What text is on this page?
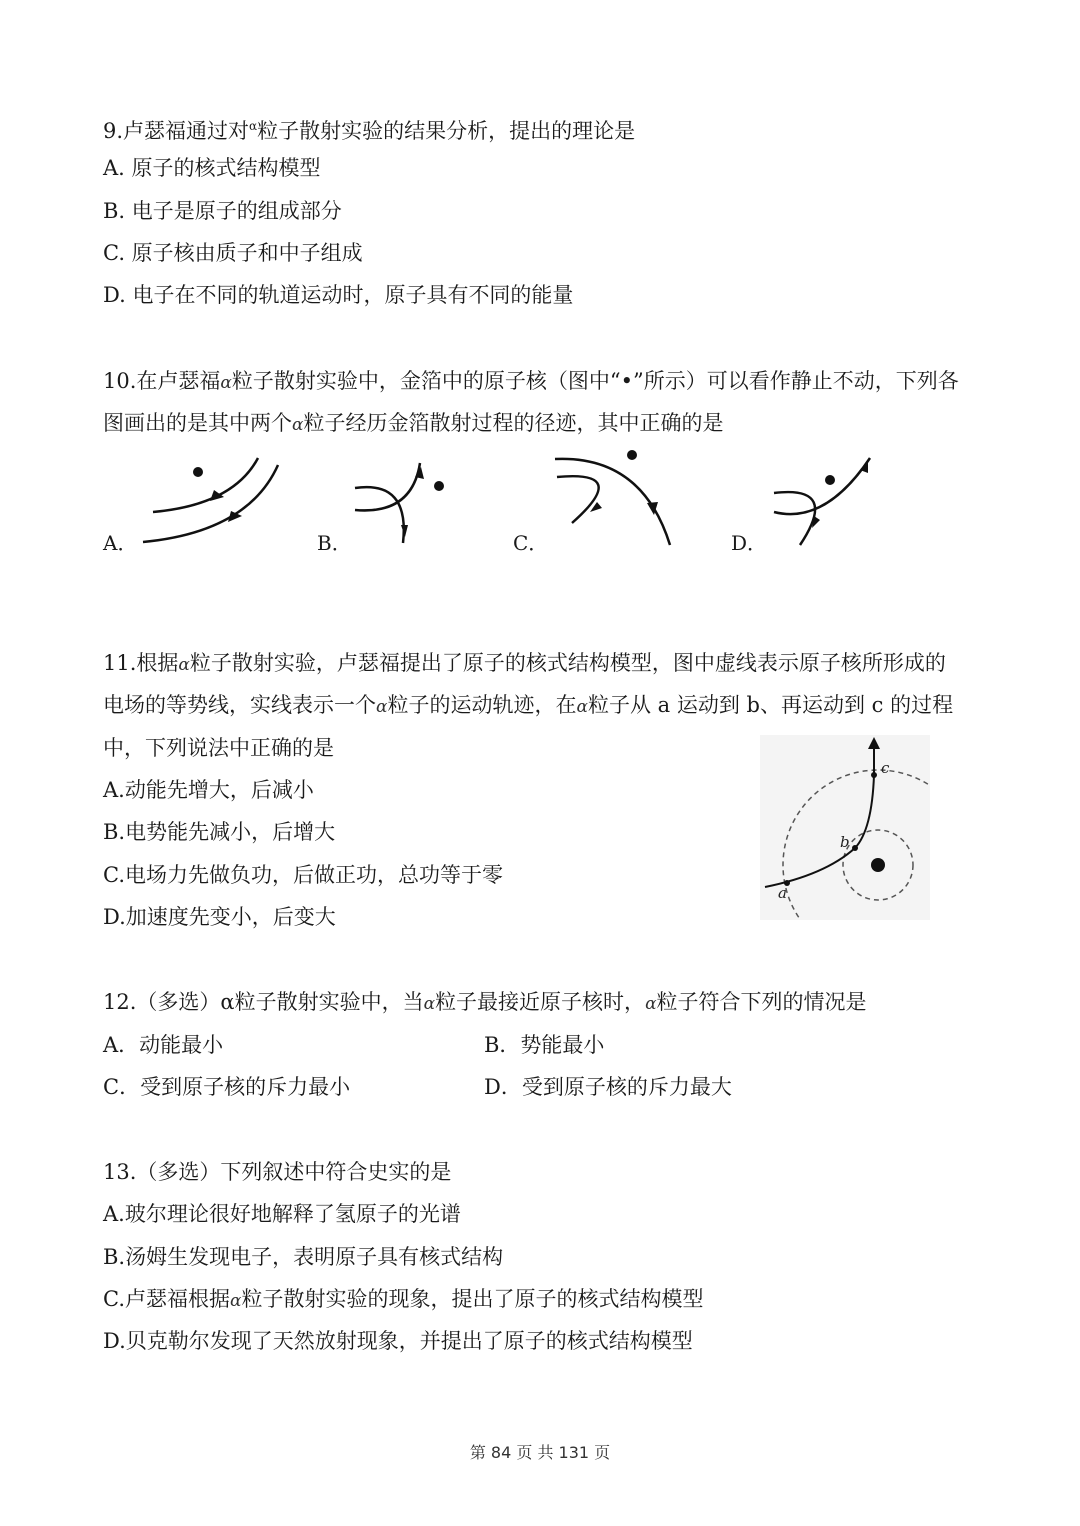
9.卢瑟福通过对$^\alpha$粒子散射实验的结果分析，提出的理论是
A. 原子的核式结构模型
B. 电子是原子的组成部分
C. 原子核由质子和中子组成
D. 电子在不同的轨道运动时，原子具有不同的能量
10.在卢瑟福α粒子散射实验中，金箔中的原子核（图中“•”所示）可以看作静止不动，下列各
图画出的是其中两个α粒子经历金箔散射过程的径迹，其中正确的是
A．	B．	C．	D．
11.根据α粒子散射实验，卢瑟福提出了原子的核式结构模型，图中虚线表示原子核所形成的
电场的等势线，实线表示一个α粒子的运动轨迹，在α粒子从 a 运动到 b、再运动到 c 的过程
中，下列说法中正确的是
A.动能先增大，后减小
B.电势能先减小，后增大
C.电场力先做负功，后做正功，总功等于零
D.加速度先变小，后变大
a
b
c
12.（多选）α粒子散射实验中，当α粒子最接近原子核时，α粒子符合下列的情况是
A．动能最小	B．势能最小
C．受到原子核的斥力最小	D．受到原子核的斥力最大
13.（多选）下列叙述中符合史实的是
A.玻尔理论很好地解释了氢原子的光谱
B.汤姆生发现电子，表明原子具有核式结构
C.卢瑟福根据α粒子散射实验的现象，提出了原子的核式结构模型
D.贝克勒尔发现了天然放射现象，并提出了原子的核式结构模型
第 84 页 共 131 页
